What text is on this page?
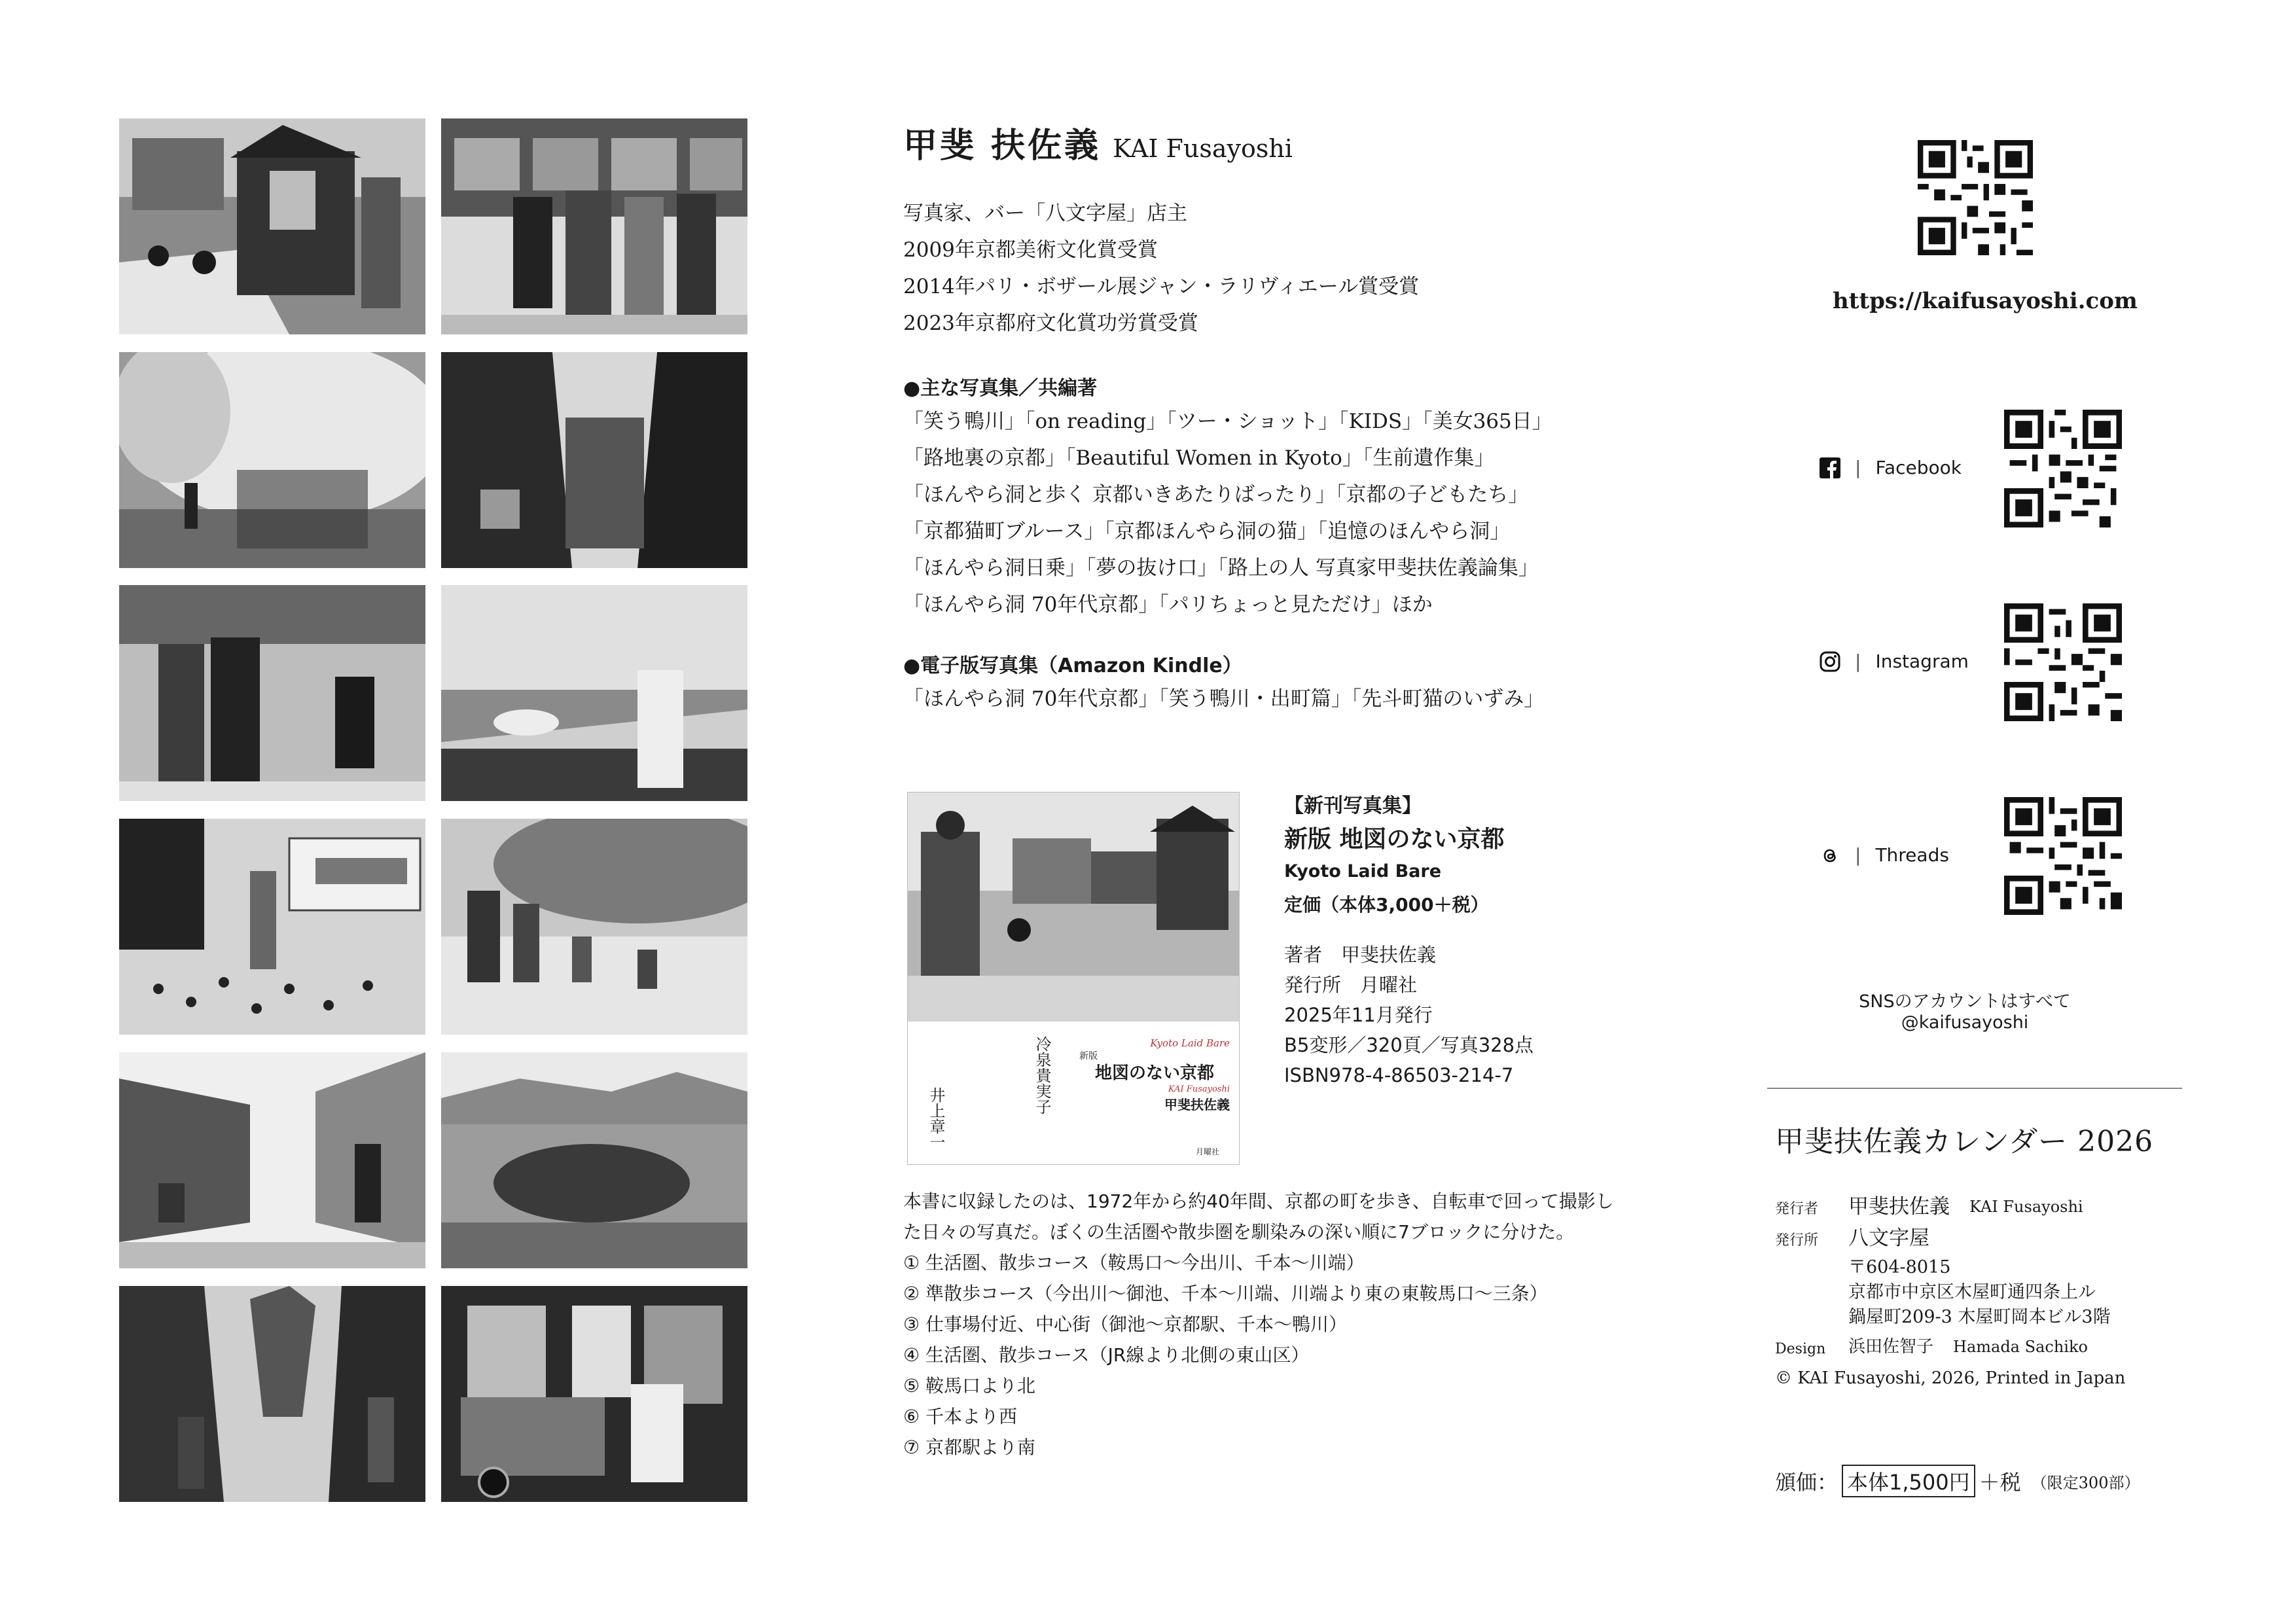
甲斐 扶佐義 KAI Fusayoshi
写真家、バー「八文字屋」店主
2009年京都美術文化賞受賞
2014年パリ・ボザール展ジャン・ラリヴィエール賞受賞
2023年京都府文化賞功労賞受賞
●主な写真集／共編著
「笑う鴨川」「on reading」「ツー・ショット」「KIDS」「美女365日」
「路地裏の京都」「Beautiful Women in Kyoto」「生前遺作集」
「ほんやら洞と歩く 京都いきあたりばったり」「京都の子どもたち」
「京都猫町ブルース」「京都ほんやら洞の猫」「追憶のほんやら洞」
「ほんやら洞日乗」「夢の抜け口」「路上の人 写真家甲斐扶佐義論集」
「ほんやら洞 70年代京都」「パリちょっと見ただけ」ほか
●電子版写真集（Amazon Kindle）
「ほんやら洞 70年代京都」「笑う鴨川・出町篇」「先斗町猫のいずみ」
Kyoto Laid Bare
新版
地図のない京都
KAI Fusayoshi
甲斐扶佐義
冷泉貴実子
井上章一
月曜社
【新刊写真集】
新版 地図のない京都
Kyoto Laid Bare
定価（本体3,000＋税）
著者　甲斐扶佐義
発行所　月曜社
2025年11月発行
B5変形／320頁／写真328点
ISBN978-4-86503-214-7
本書に収録したのは、1972年から約40年間、京都の町を歩き、自転車で回って撮影した日々の写真だ。ぼくの生活圏や散歩圏を馴染みの深い順に7ブロックに分けた。
① 生活圏、散歩コース（鞍馬口〜今出川、千本〜川端）
② 準散歩コース（今出川〜御池、千本〜川端、川端より東の東鞍馬口〜三条）
③ 仕事場付近、中心街（御池〜京都駅、千本〜鴨川）
④ 生活圏、散歩コース（JR線より北側の東山区）
⑤ 鞍馬口より北
⑥ 千本より西
⑦ 京都駅より南
https://kaifusayoshi.com
| Facebook
| Instagram
| Threads
SNSのアカウントはすべて @kaifusayoshi
甲斐扶佐義カレンダー 2026
発行者	甲斐扶佐義 KAI Fusayoshi
発行所	八文字屋
〒604-8015
京都市中京区木屋町通四条上ル
鍋屋町209-3 木屋町岡本ビル3階
Design	浜田佐智子 Hamada Sachiko
© KAI Fusayoshi, 2026, Printed in Japan
頒価： 本体1,500円 ＋税 （限定300部）
